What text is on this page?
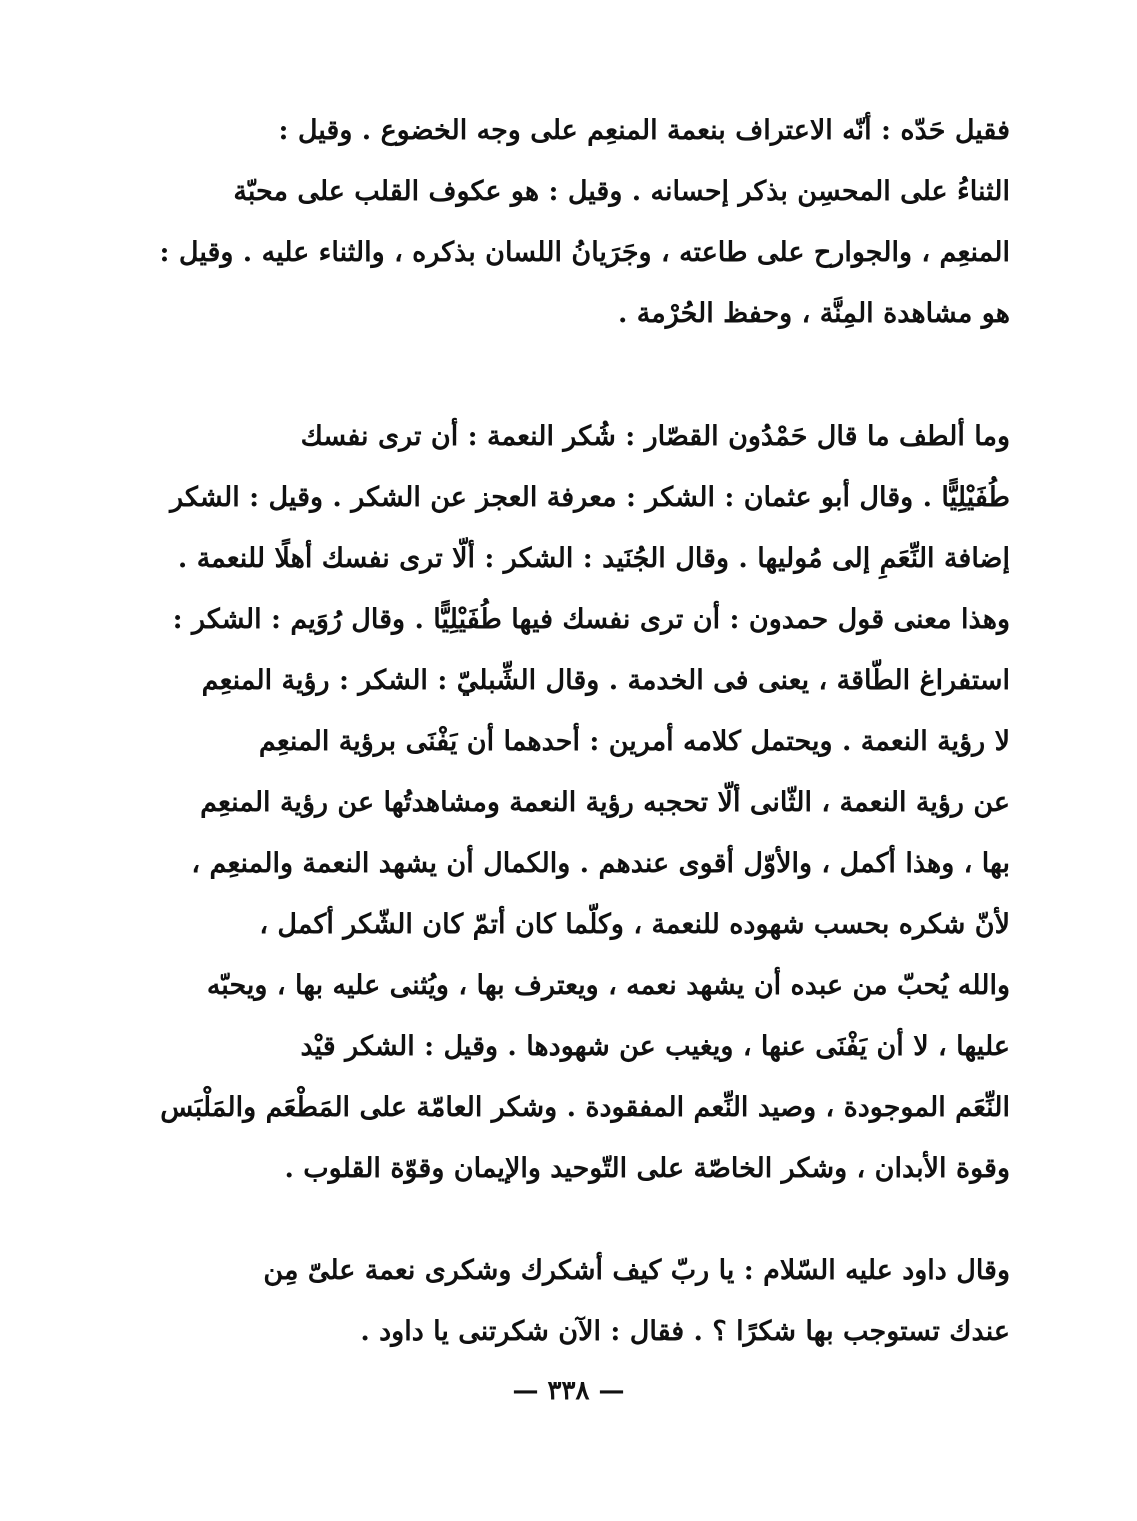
فقيل حَدّه : أنّه الاعتراف بنعمة المنعِم على وجه الخضوع . وقيل :
الثناءُ على المحسِن بذكر إحسانه . وقيل : هو عكوف القلب على محبّة
المنعِم ، والجوارح على طاعته ، وجَرَيانُ اللسان بذكره ، والثناء عليه . وقيل :
هو مشاهدة المِنَّة ، وحفظ الحُرْمة .

وما ألطف ما قال حَمْدُون القصّار : شُكر النعمة : أن ترى نفسك
طُفَيْلِيًّا . وقال أبو عثمان : الشكر : معرفة العجز عن الشكر . وقيل : الشكر
إضافة النِّعَمِ إلى مُوليها . وقال الجُنَيد : الشكر : ألّا ترى نفسك أهلًا للنعمة .
وهذا معنى قول حمدون : أن ترى نفسك فيها طُفَيْلِيًّا . وقال رُوَيم : الشكر :
استفراغ الطّاقة ، يعنى فى الخدمة . وقال الشِّبليّ : الشكر : رؤية المنعِم
لا رؤية النعمة . ويحتمل كلامه أمرين : أحدهما أن يَفْنَى برؤية المنعِم
عن رؤية النعمة ، الثّانى ألّا تحجبه رؤية النعمة ومشاهدتُها عن رؤية المنعِم
بها ، وهذا أكمل ، والأوّل أقوى عندهم . والكمال أن يشهد النعمة والمنعِم ،
لأنّ شكره بحسب شهوده للنعمة ، وكلّما كان أتمّ كان الشّكر أكمل ،
والله يُحبّ من عبده أن يشهد نعمه ، ويعترف بها ، ويُثنى عليه بها ، ويحبّه
عليها ، لا أن يَفْنَى عنها ، ويغيب عن شهودها . وقيل : الشكر قيْد
النِّعَم الموجودة ، وصيد النِّعم المفقودة . وشكر العامّة على المَطْعَم والمَلْبَس
وقوة الأبدان ، وشكر الخاصّة على التّوحيد والإيمان وقوّة القلوب .

وقال داود عليه السّلام : يا ربّ كيف أشكرك وشكرى نعمة علىّ مِن
عندك تستوجب بها شكرًا ؟ . فقال : الآن شكرتنى يا داود .

— ٣٣٨ —
